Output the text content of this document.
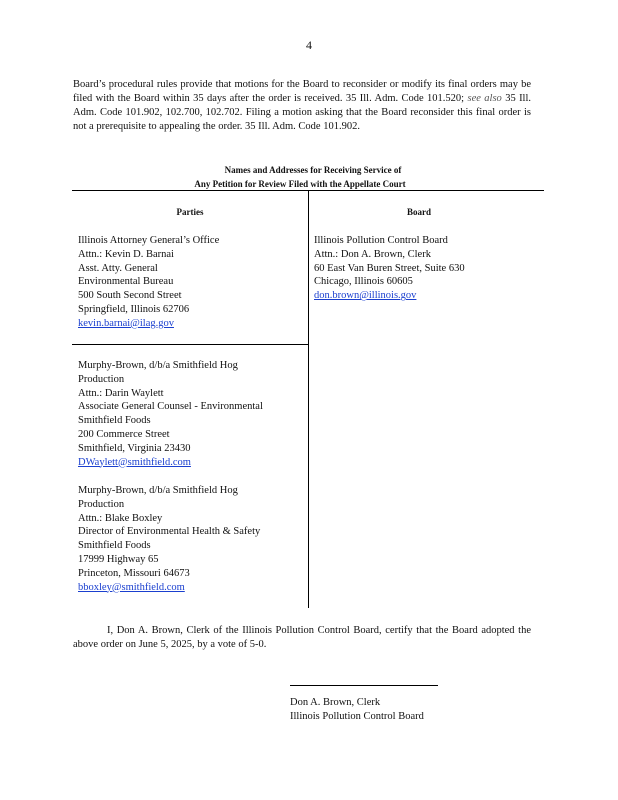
4
Board’s procedural rules provide that motions for the Board to reconsider or modify its final orders may be filed with the Board within 35 days after the order is received. 35 Ill. Adm. Code 101.520; see also 35 Ill. Adm. Code 101.902, 102.700, 102.702. Filing a motion asking that the Board reconsider this final order is not a prerequisite to appealing the order. 35 Ill. Adm. Code 101.902.
Names and Addresses for Receiving Service of
Any Petition for Review Filed with the Appellate Court
Parties	Board
Illinois Attorney General’s Office
Attn.: Kevin D. Barnai
Asst. Atty. General
Environmental Bureau
500 South Second Street
Springfield, Illinois 62706
kevin.barnai@ilag.gov
Murphy-Brown, d/b/a Smithfield Hog
Production
Attn.: Darin Waylett
Associate General Counsel - Environmental
Smithfield Foods
200 Commerce Street
Smithfield, Virginia 23430
DWaylett@smithfield.com
Murphy-Brown, d/b/a Smithfield Hog
Production
Attn.: Blake Boxley
Director of Environmental Health & Safety
Smithfield Foods
17999 Highway 65
Princeton, Missouri 64673
bboxley@smithfield.com
Illinois Pollution Control Board
Attn.: Don A. Brown, Clerk
60 East Van Buren Street, Suite 630
Chicago, Illinois 60605
don.brown@illinois.gov
I, Don A. Brown, Clerk of the Illinois Pollution Control Board, certify that the Board adopted the above order on June 5, 2025, by a vote of 5-0.
Don A. Brown, Clerk
Illinois Pollution Control Board
